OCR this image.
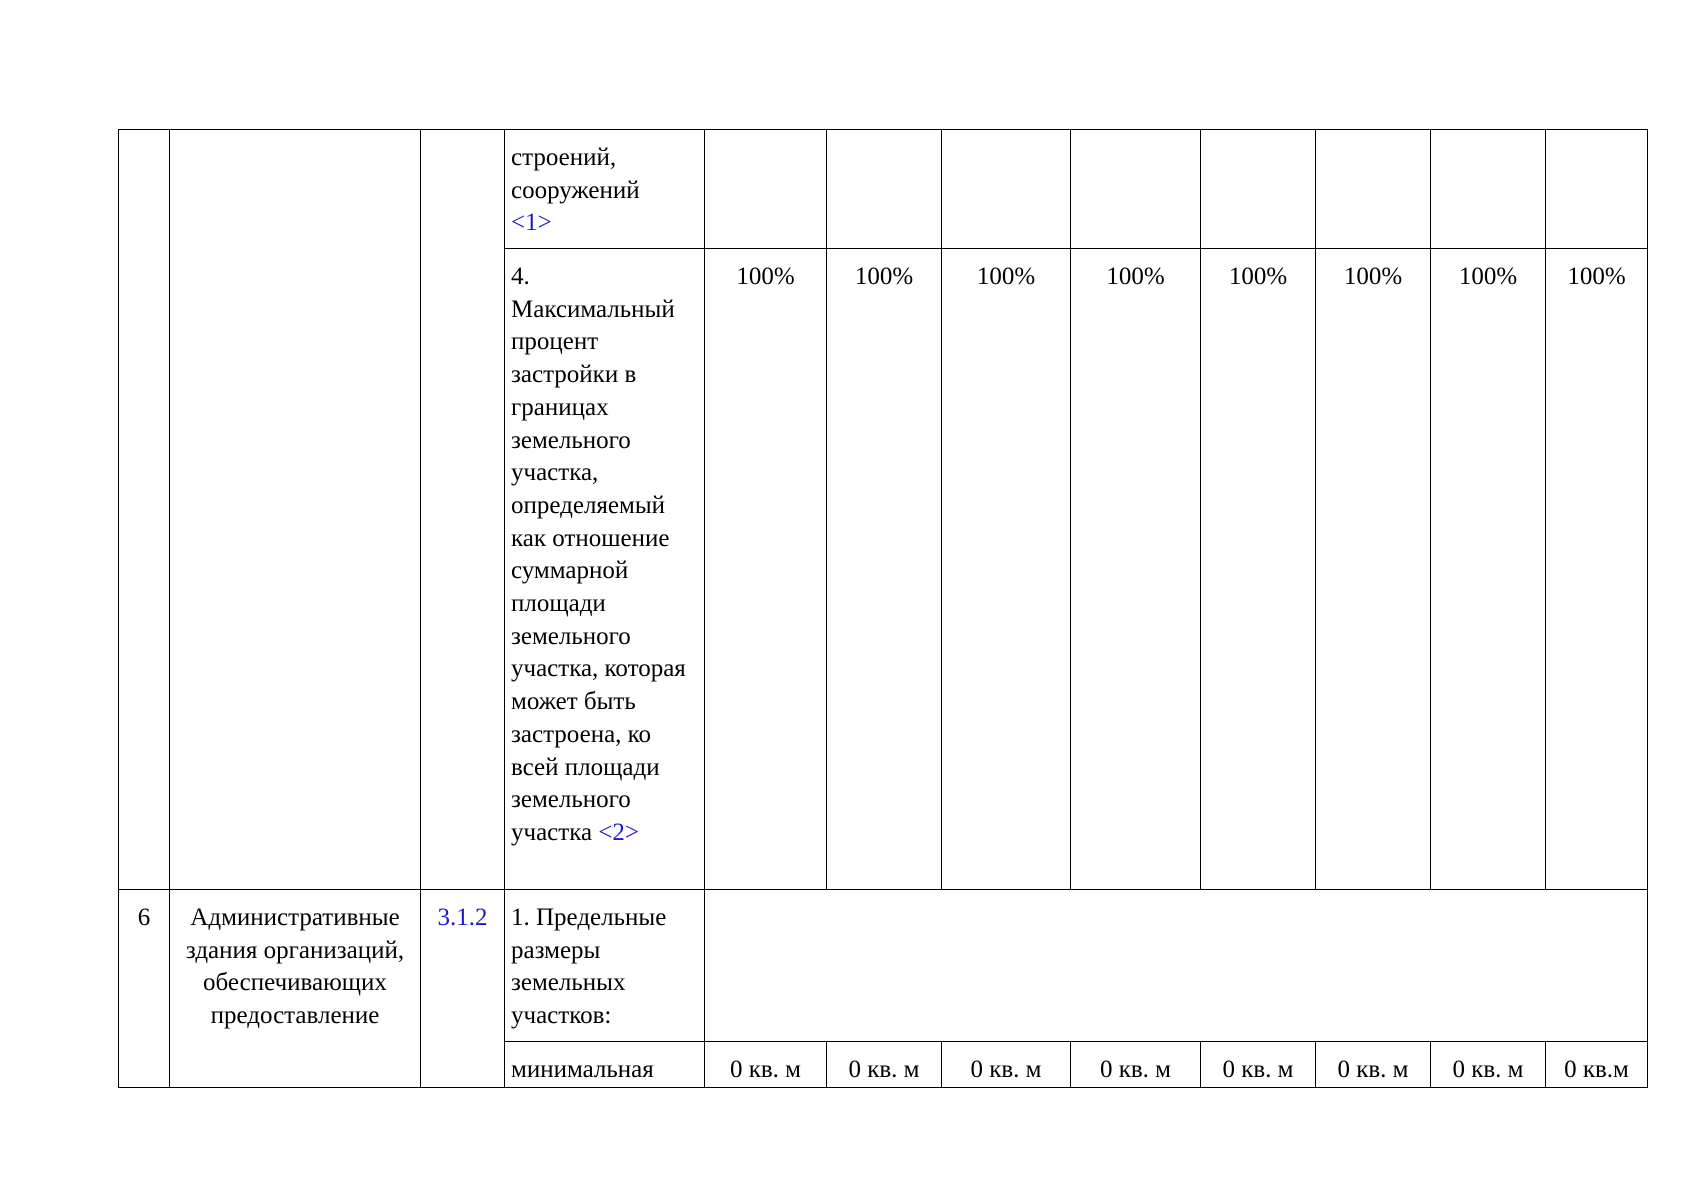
			строений, сооружений
<1>								
			4. Максимальный процент застройки в границах земельного участка, определяемый как отношение суммарной площади земельного участка, которая может быть застроена, ко всей площади земельного участка <2>	100%	100%	100%	100%	100%	100%	100%	100%
6	Административные здания организаций, обеспечивающих предоставление	3.1.2	1. Предельные размеры земельных участков:								
			минимальная	0 кв. м	0 кв. м	0 кв. м	0 кв. м	0 кв. м	0 кв. м	0 кв. м	0 кв.м
